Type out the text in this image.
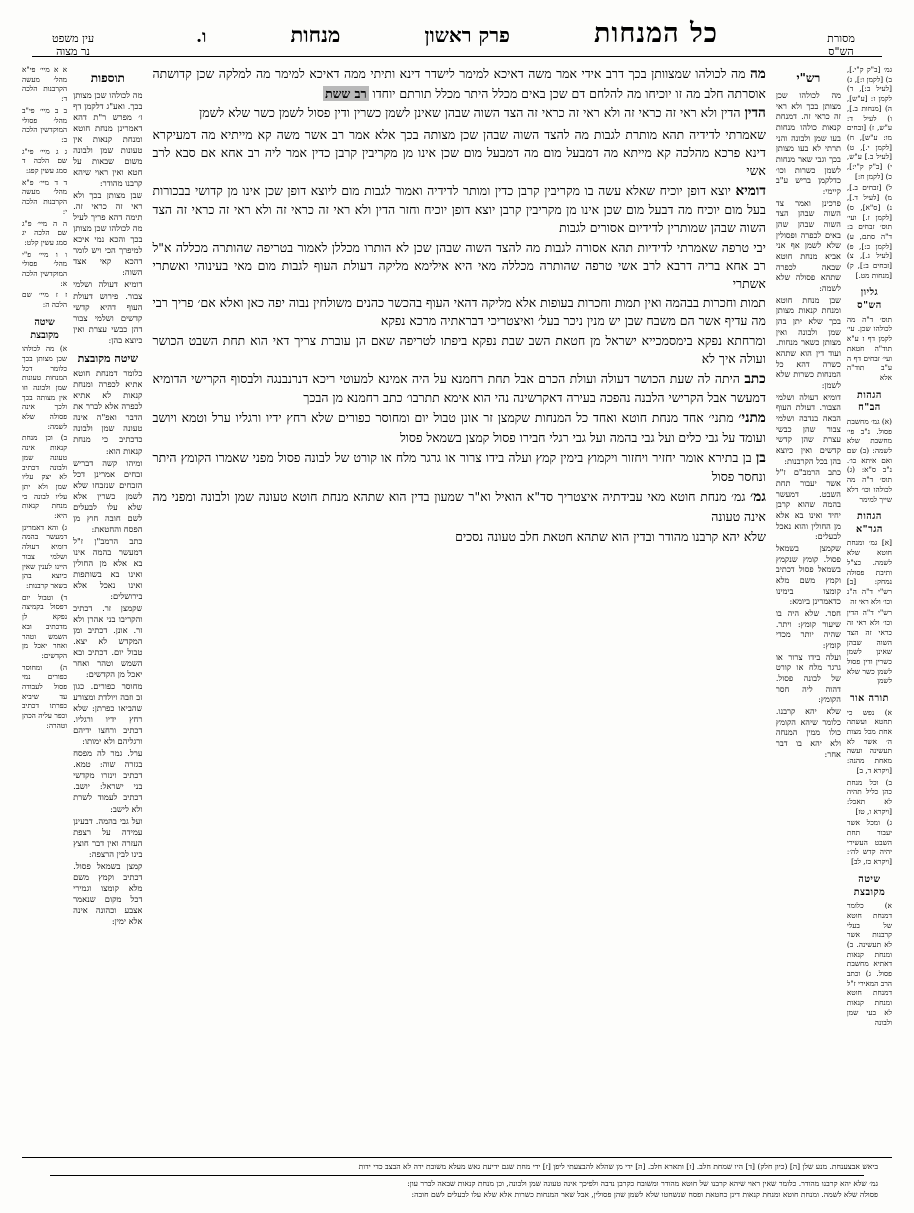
מסורת
הש"ס
כל המנחות
פרק ראשון
מנחות
ו.
עין משפט
נר מצוה

גמ׳ [ב"ק ק"י.], ב) [לקמן ו:], ג) [לעיל ב:], ד) לקמן ז: [ע"ש], ה) [מנחות ב.], ו) לעיל ד: ע"ש, ז) [זבחים מו: ע"ש], ח) [לקמן י.], ט) [לעיל ב.] ע"ש, י) [ב"ק ק"י:], כ) [לקמן ח:]

ל) [זבחים ב.], מ) [לעיל ד.], נ) [ס"א], ס) [לקמן ז.] ועי׳ תוס׳ זבחים ב: ד"ה סתם, ע) [לקמן כ:], פ) [לעיל ג.], צ) [זבחים ב:], ק) [מנחות מט.]

גליון הש"ס

תוס׳ ד"ה מה לכולהו שכן. עי׳ לקמן דף ז ע"א תוד"ה חטאת ועי׳ זבחים דף ה ע"ב תוד"ה אלא

הגהות הב"ח

(א) גמ׳ מחשבת פסול. נ"ב פי׳ מחשבת שלא לשמה: (ב) שם ואם איתא כו׳. נ"ב ס"א: (ג) תוס׳ ד"ה מה לכולהו וכו׳ דלא שייך למימר

הגהות הגר"א

[א] גמ׳ ומנחת חוטא שלא לשמה. כצ"ל ותיבת פסולה נמחק: [ב] רש"י ד"ה ה"נ וכו׳ ולא ראי זה

רש"י ד"ה הדין וכו׳ ולא ראי זה כראי זה הצד השוה שבהן שאינן לשמן כשרין ודין פסול לשמן כשר שלא לשמן

תורה אור

א) נפש כי תחטא ועשתה אחת מכל מצות ה׳ אשר לא תעשינה ועשה מאחת מהנה: [ויקרא ד, ב]

ב) וכל מנחת כהן כליל תהיה לא תאכל: [ויקרא ו, טז]

ג) ומכל אשר יעבור תחת השבט העשירי יהיה קדש לה׳: [ויקרא כז, לב]

שיטה מקובצת

א) כלומר דמנחת חוטא של בעלי קרבנות אשר לא תעשינה. ב) ומנחת קנאות דאתיא מחשבת פסול. ג) וכתב הרב המאירי ז"ל דמנחת חוטא ומנחת קנאות לא בעי שמן ולבונה

רש"י

מה לכולהו שכן מצותן בכך ולא ראי זה כראי זה. דמנחת קנאות כולהו מנחות בעו שמן ולבונה והני תרתי לא בעו מצותן בכך וגבי שאר מנחות לשמן כשרות וכו׳ כדלקמן בריש ע"ב קיימי:

פרכינן ואמר צד השוה שבהן הצד השוה שבהן שהן באים לכפרה ופסולין שלא לשמן אף אני אביא מנחת חוטא שבאה לכפרה שתהא פסולה שלא לשמה:

שבן מנחת חוטא ומנחת קנאות מצותן בכך שלא יתן בהן שמן ולבונה ואין מצותן כשאר מנחות. ועוד דין הוא שתהא כשרה דהא כל המנחות כשרות שלא לשמן:

דומיא דעולה ושלמי הצבור. דעולת העוף הבאה בנדבה ושלמי צבור שהן כבשי עצרת שהן קדשי קדשים ואין כיוצא בהן בכל הקרבנות:

כתב הרמב"ם ז"ל אשר יעבור תחת השבט. דמעשר בהמה שהוא קרבן יחיד ואינו בא אלא מן החולין והוא נאכל לבעלים:

שקמצן בשמאל פסול. קומץ שנקמץ בשמאל פסול דכתיב וקמץ משם מלא קומצו בימינו כדאמרינן ביומא:

חסר. שלא היה בו שיעור קומץ: ויתר. שהיה יותר מכדי קומץ:

ועלה בידו צרור או גרגר מלח או קורט של לבונה פסול. דהוה ליה חסר הקומץ:

שלא יהא קרבנו. כלומר שיהא הקומץ כולו ממין המנחה ולא יהא בו דבר אחר:

מה מה לכולהו שמצוותן בכך דרב אידי אמר משה דאיכא למימר לישדר דינא ותיתי ממה דאיכא למימר מה למלקה שכן קדושתה אוסרתה חלב מה זו יוכיחו מה להלחם דם שכן באים מכלל היתר מכלל תורתם יוחדו רב ששת

הדין הדין ולא ראי זה כראי זה ולא ראי זה כראי זה הצד השוה שבהן שאינן לשמן כשרין ודין פסול לשמן כשר שלא לשמן

שאמרתי לדידיה תהא מותרת לגבות מה להצד השוה שבהן שכן מצותה בכך אלא אמר רב אשר משה קא מייתיא מה דמעיקרא דינא פרכא מהלכה קא מייתא מה דמבעל מום מה דמבעל מום שכן אינו מן מקריבין קרבן כדין אמר ליה רב אחא אם סבא לרב אשי

דומיא יוצא דופן יוכיח שאלא עשה בו מקריבין קרבן כדין ומותר לדידיה ואמור לגבות מום ליוצא דופן שכן אינו מן קדושי בבכורות בעל מום יוכיח מה דבעל מום שכן אינו מן מקריבין קרבן יוצא דופן יוכיח וחזר הדין ולא ראי זה כראי זה ולא ראי זה כראי זה הצד השוה שבהן שמותרין לדידיום אסורים לגבות

יבי טרפה שאמרתי לדידיות תהא אסורה לגבות מה להצד השוה שבהן שכן לא הותרו מכללן לאמור בטריפה שהותרה מכללה א"ל רב אחא בריה דרבא לרב אשי טרפה שהותרה מכללה מאי היא אילימא מליקה דעולת העוף לגבות מום מאי בעינוהי ואשתרי אשתרי

תמות וחכרות בבהמה ואין תמות וחכרות בעופות אלא מליקה דהאי העוף בהכשר כהנים משולחין נבוה יפה כאן ואלא אם׳ פריך רבי מה עדיף אשר הם משבח שבן יש מנין ניכר בעל׳ ואיצטריכי דבראתיה מרכא נפקא

ומרחתא נפקא בימסמכייא ישראל מן חטאת השב שבת נפקא ביפתו לטריפה שאם הן עוברת צריך דאי הוא תחת השבט הכושר ועולה איך לא

כתב היתה לה שעת הכושר דעולה ועולת הכרם אבל תחת רחמנא על היה אמינא למעוטי ריכא דנרנבנגה ולבסוף הקרישי הדומיא דמעשר אבל הקרישי הלבנה נהפכה בעירה דאקרשינה נהי הוא אימא תתרבו׳ כתב רחמנא מן הבכך

מתני׳ מתני׳ אחד מנחת חוטא ואחד כל המנחות שקמצן זר אונן טבול יום ומחוסר כפורים שלא רחץ ידיו ורגליו ערל וטמא ויושב ועומד על גבי כלים ועל גבי בהמה ועל גבי רגלי חבירו פסול קמצן בשמאל פסול

בן בן בתירא אומר יחזיר ויחזור ויקמוץ בימין קמץ ועלה בידו צרור או גרגר מלח או קורט של לבונה פסול מפני שאמרו הקומץ היתר ונחסר פסול

גמ׳ גמ׳ מנחת חוטא מאי עבידתיה איצטריך סד"א הואיל וא"ר שמעון בדין הוא שתהא מנחת חוטא טעונה שמן ולבונה ומפני מה אינה טעונה

שלא יהא קרבנו מהודר ובדין הוא שתהא חטאת חלב טעונה נסכים

תוספות

מה לכולהו שכן מצותן בכך. ואע"ג דלקמן דף ז׳ מפרש ר"ת דהא דאמרינן מנחת חוטא ומנחת קנאות אין טעונות שמן ולבונה משום שבאות על חטא ואין ראוי שיהא קרבנו מהודר:

שבן מצותן בכך ולא ראי זה כראי זה. תימה דהא פריך לעיל מה לכולהו שכן מצותן בכך והכא נמי איכא למיפרך הכי ויש לומר דהכא קאי אצד השוה:

דומיא דעולה ושלמי צבור. פירוש דעולת העוף דהיא קדשי קדשים ושלמי צבור דהן כבשי עצרת ואין כיוצא בהן:

שיטה מקובצת

כלומר דמנחת חוטא אתיא לכפרה ומנחת קנאות לא אתיא לכפרה אלא לברר את הדבר ואפ"ה אינה טעונה שמן ולבונה כדכתיב כי מנחת קנאות הוא:

ומיהו קשה דבריש זבחים אמרינן דכל הזבחים שנזבחו שלא לשמן כשרין אלא שלא עלו לבעלים לשם חובה חוץ מן הפסח והחטאת:

כתב הרמב"ן ז"ל דמעשר בהמה אינו בא אלא מן החולין ואינו בא בשותפות ואינו נאכל אלא בירושלים:

שקמצן זר. דכתיב והקריבו בני אהרן ולא זר. אונן. דכתיב ומן המקדש לא יצא. טבול יום. דכתיב ובא השמש וטהר ואחר יאכל מן הקדשים:

מחוסר כפורים. כגון זב וזבה ויולדת ומצורע שהביאו כפרתן: שלא רחץ ידיו ורגליו. דכתיב ורחצו ידיהם ורגליהם ולא ימותו:

ערל. גמר לה מפסח בגזרה שוה: טמא. דכתיב וינזרו מקדשי בני ישראל: יושב. דכתיב לעמוד לשרת ולא לישב:

ועל גבי בהמה. דבעינן עמידה על רצפת העזרה ואין דבר חוצץ בינו לבין הרצפה:

קמצן בשמאל פסול. דכתיב וקמץ משם מלא קומצו וגמירי דכל מקום שנאמר אצבע וכהונה אינה אלא ימין:

א א מיי׳ פי"א מהל׳ מעשה הקרבנות הלכה ד:

ב ב מיי׳ פי"ב מהל׳ פסולי המוקדשין הלכה ב:

ג ג מיי׳ פי"ג שם הלכה ד סמג עשין קפג:

ד ד מיי׳ פ"א מהל׳ מעשה הקרבנות הלכה י:

ה ה מיי׳ פ"ג שם הלכה יג סמג עשין קלט:

ו ו מיי׳ פ"י מהל׳ פסולי המוקדשין הלכה א:

ז ז מיי׳ שם הלכה ה:

שיטה מקובצת

א) מה לכולהו שכן מצותן בכך כלומר דכל המנחות טעונות שמן ולבונה וזו אין מצותה בכך ולכך אינה פסולה שלא לשמה:

ב) וכן מנחת קנאות אינה טעונה שמן ולבונה דכתיב לא יצק עליו שמן ולא יתן עליו לבונה כי מנחת קנאות היא:

ג) והא דאמרינן דמעשר בהמה דומיא דעולה ושלמי צבור היינו לענין שאין כיוצא בהן בשאר קרבנות:

ד) וטבול יום דפסול בקמיצה נפקא לן מדכתיב ובא השמש וטהר ואחר יאכל מן הקדשים:

ה) ומחוסר כפורים נמי פסול לעבודה עד שיביא כפרתו דכתיב וכפר עליה הכהן וטהרה:

ביאש אבצענחת. מנע שלן [ה] (כיון חלק) [ד] היו שמחת חלב. [ז] ותארא חלב. [ה] ידי מן שהלא להבצעתי ליפן [ז] ידי מחת שגם ידיעת גאש מעלא משובת ידה לא הבצב כדי ידות

גמ׳ שלא יהא קרבנו מהודר. כלומר שאין ראוי שיהא קרבנו של חוטא מהודר ומשובח כקרבן נדבה ולפיכך אינה טעונה שמן ולבונה, וכן מנחת קנאות שבאה לברר עון:

פסולה שלא לשמה. ומנחת חוטא ומנחת קנאות דינן כחטאת ופסח שנשחטו שלא לשמן שהן פסולין, אבל שאר המנחות כשרות אלא שלא עלו לבעלים לשם חובה:
